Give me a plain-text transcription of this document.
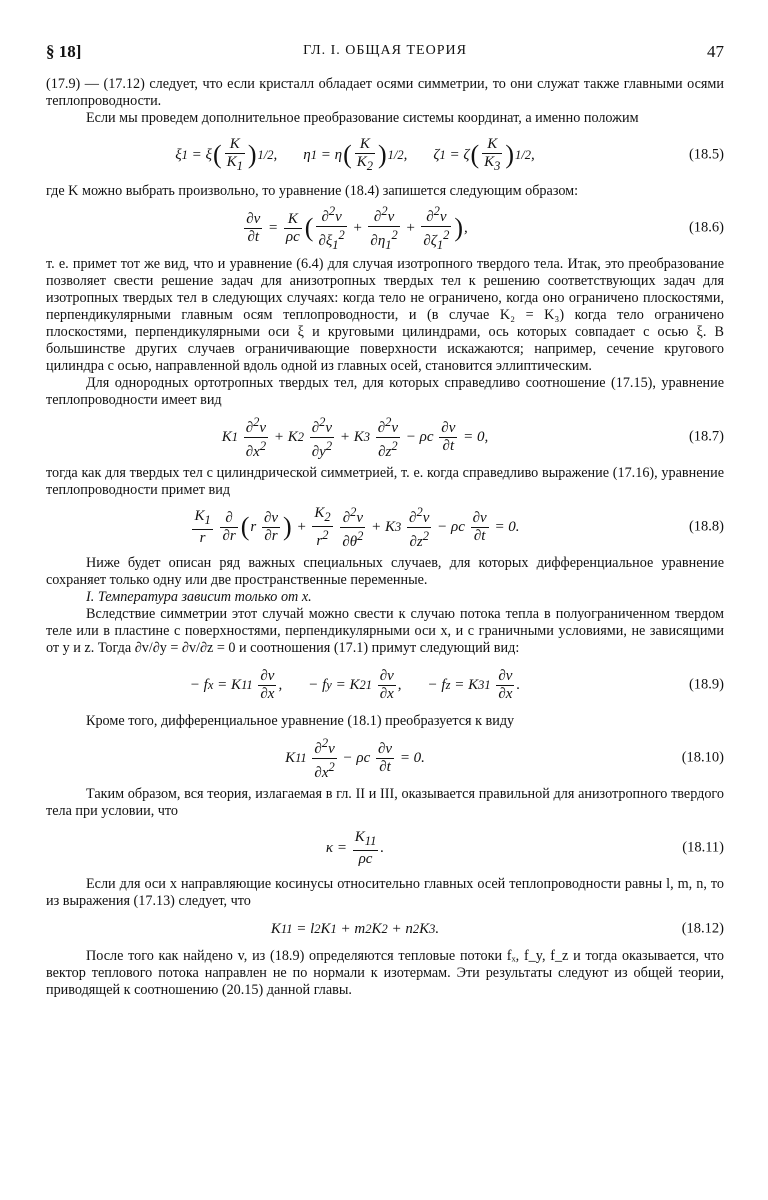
§ 18]	ГЛ. I. ОБЩАЯ ТЕОРИЯ	47

(17.9) — (17.12) следует, что если кристалл обладает осями симметрии, то они служат также главными осями теплопроводности.

Если мы проведем дополнительное преобразование системы координат, а именно положим

ξ 1 = ξ ( $\frac{K}{K_1}$ ) 1/2 ,
η 1 = η ( $\frac{K}{K_2}$ ) 1/2 ,
ζ 1 = ζ ( $\frac{K}{K_3}$ ) 1/2 ,	(18.5)

где K можно выбрать произвольно, то уравнение (18.4) запишется следующим образом:

$\frac{\partial v}{\partial t} = \frac{K}{\rho c}$ ( $\frac{\partial^2v}{\partial\xi_1^2} + \frac{\partial^2v}{\partial\eta_1^2} + \frac{\partial^2v}{\partial\zeta_1^2}$ ) ,	(18.6)

т. е. примет тот же вид, что и уравнение (6.4) для случая изотропного твердого тела. Итак, это преобразование позволяет свести решение задач для анизотропных твердых тел к решению соответствующих задач для изотропных твердых тел в следующих случаях: когда тело не ограничено, когда оно ограничено плоскостями, перпендикулярными главным осям теплопроводности, и (в случае K₂ = K₃) когда тело ограничено плоскостями, перпендикулярными оси ξ и круговыми цилиндрами, ось которых совпадает с осью ξ. В большинстве других случаев ограничивающие поверхности искажаются; например, сечение кругового цилиндра с осью, направленной вдоль одной из главных осей, становится эллиптическим.

Для однородных ортотропных твердых тел, для которых справедливо соотношение (17.15), уравнение теплопроводности имеет вид

K 1
$\frac{\partial^2v}{\partial x^2} + K$ 2
$\frac{\partial^2v}{\partial y^2} + K$ 3
$\frac{\partial^2v}{\partial z^2} - \rho c \frac{\partial v}{\partial t} = 0$,	(18.7)

тогда как для твердых тел с цилиндрической симметрией, т. е. когда справедливо выражение (17.16), уравнение теплопроводности примет вид

$\frac{K_1}{r}$
$\frac{\partial}{\partial r}$ ( r $\frac{\partial v}{\partial r}$ ) + $\frac{K_2}{r^2}$
$\frac{\partial^2v}{\partial\theta^2} + K$ 3
$\frac{\partial^2v}{\partial z^2} - \rho c \frac{\partial v}{\partial t} = 0$.	(18.8)

Ниже будет описан ряд важных специальных случаев, для которых дифференциальное уравнение сохраняет только одну или две пространственные переменные.

I. Температура зависит только от x.

Вследствие симметрии этот случай можно свести к случаю потока тепла в полуограниченном твердом теле или в пластине с поверхностями, перпендикулярными оси x, и с граничными условиями, не зависящими от y и z. Тогда ∂v/∂y = ∂v/∂z = 0 и соотношения (17.1) примут следующий вид:

− f x = K 11
$\frac{\partial v}{\partial x}$ ,
− f y = K 21
$\frac{\partial v}{\partial x}$ ,
− f z = K 31
$\frac{\partial v}{\partial x}$ .	(18.9)

Кроме того, дифференциальное уравнение (18.1) преобразуется к виду

K 11
$\frac{\partial^2v}{\partial x^2} - \rho c \frac{\partial v}{\partial t} = 0$.	(18.10)

Таким образом, вся теория, излагаемая в гл. II и III, оказывается правильной для анизотропного твердого тела при условии, что

$\kappa = \frac{K_{11}}{\rho c}$ .	(18.11)

Если для оси x направляющие косинусы относительно главных осей теплопроводности равны l, m, n, то из выражения (17.13) следует, что

K 11 = l 2 K 1 + m 2 K 2 + n 2 K 3 .	(18.12)

После того как найдено v, из (18.9) определяются тепловые потоки fₓ, f_y, f_z и тогда оказывается, что вектор теплового потока направлен не по нормали к изотермам. Эти результаты следуют из общей теории, приводящей к соотношению (20.15) данной главы.
